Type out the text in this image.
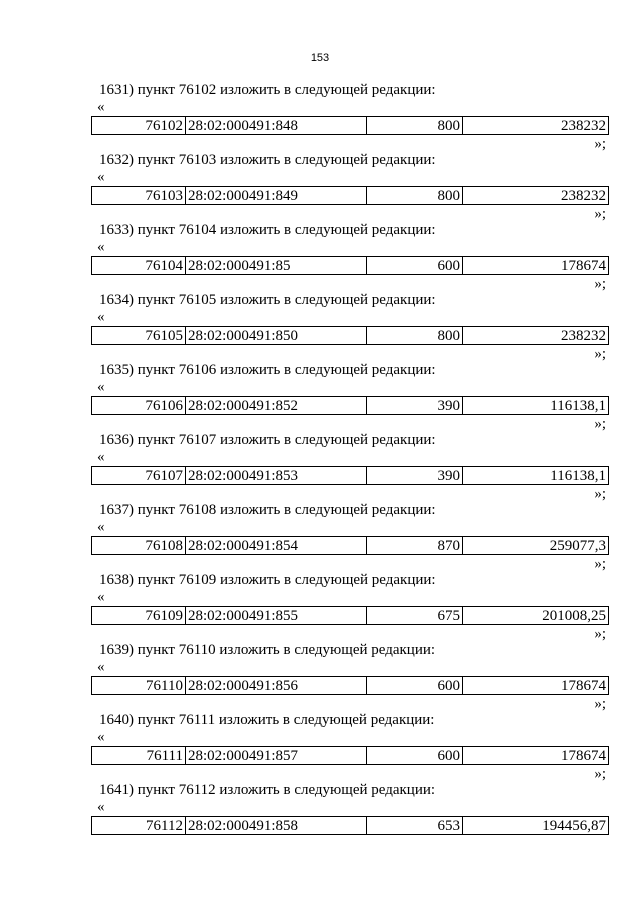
153
1631) пункт 76102 изложить в следующей редакции:
«
76102	28:02:000491:848	800	238232
»;
1632) пункт 76103 изложить в следующей редакции:
«
76103	28:02:000491:849	800	238232
»;
1633) пункт 76104 изложить в следующей редакции:
«
76104	28:02:000491:85	600	178674
»;
1634) пункт 76105 изложить в следующей редакции:
«
76105	28:02:000491:850	800	238232
»;
1635) пункт 76106 изложить в следующей редакции:
«
76106	28:02:000491:852	390	116138,1
»;
1636) пункт 76107 изложить в следующей редакции:
«
76107	28:02:000491:853	390	116138,1
»;
1637) пункт 76108 изложить в следующей редакции:
«
76108	28:02:000491:854	870	259077,3
»;
1638) пункт 76109 изложить в следующей редакции:
«
76109	28:02:000491:855	675	201008,25
»;
1639) пункт 76110 изложить в следующей редакции:
«
76110	28:02:000491:856	600	178674
»;
1640) пункт 76111 изложить в следующей редакции:
«
76111	28:02:000491:857	600	178674
»;
1641) пункт 76112 изложить в следующей редакции:
«
76112	28:02:000491:858	653	194456,87
